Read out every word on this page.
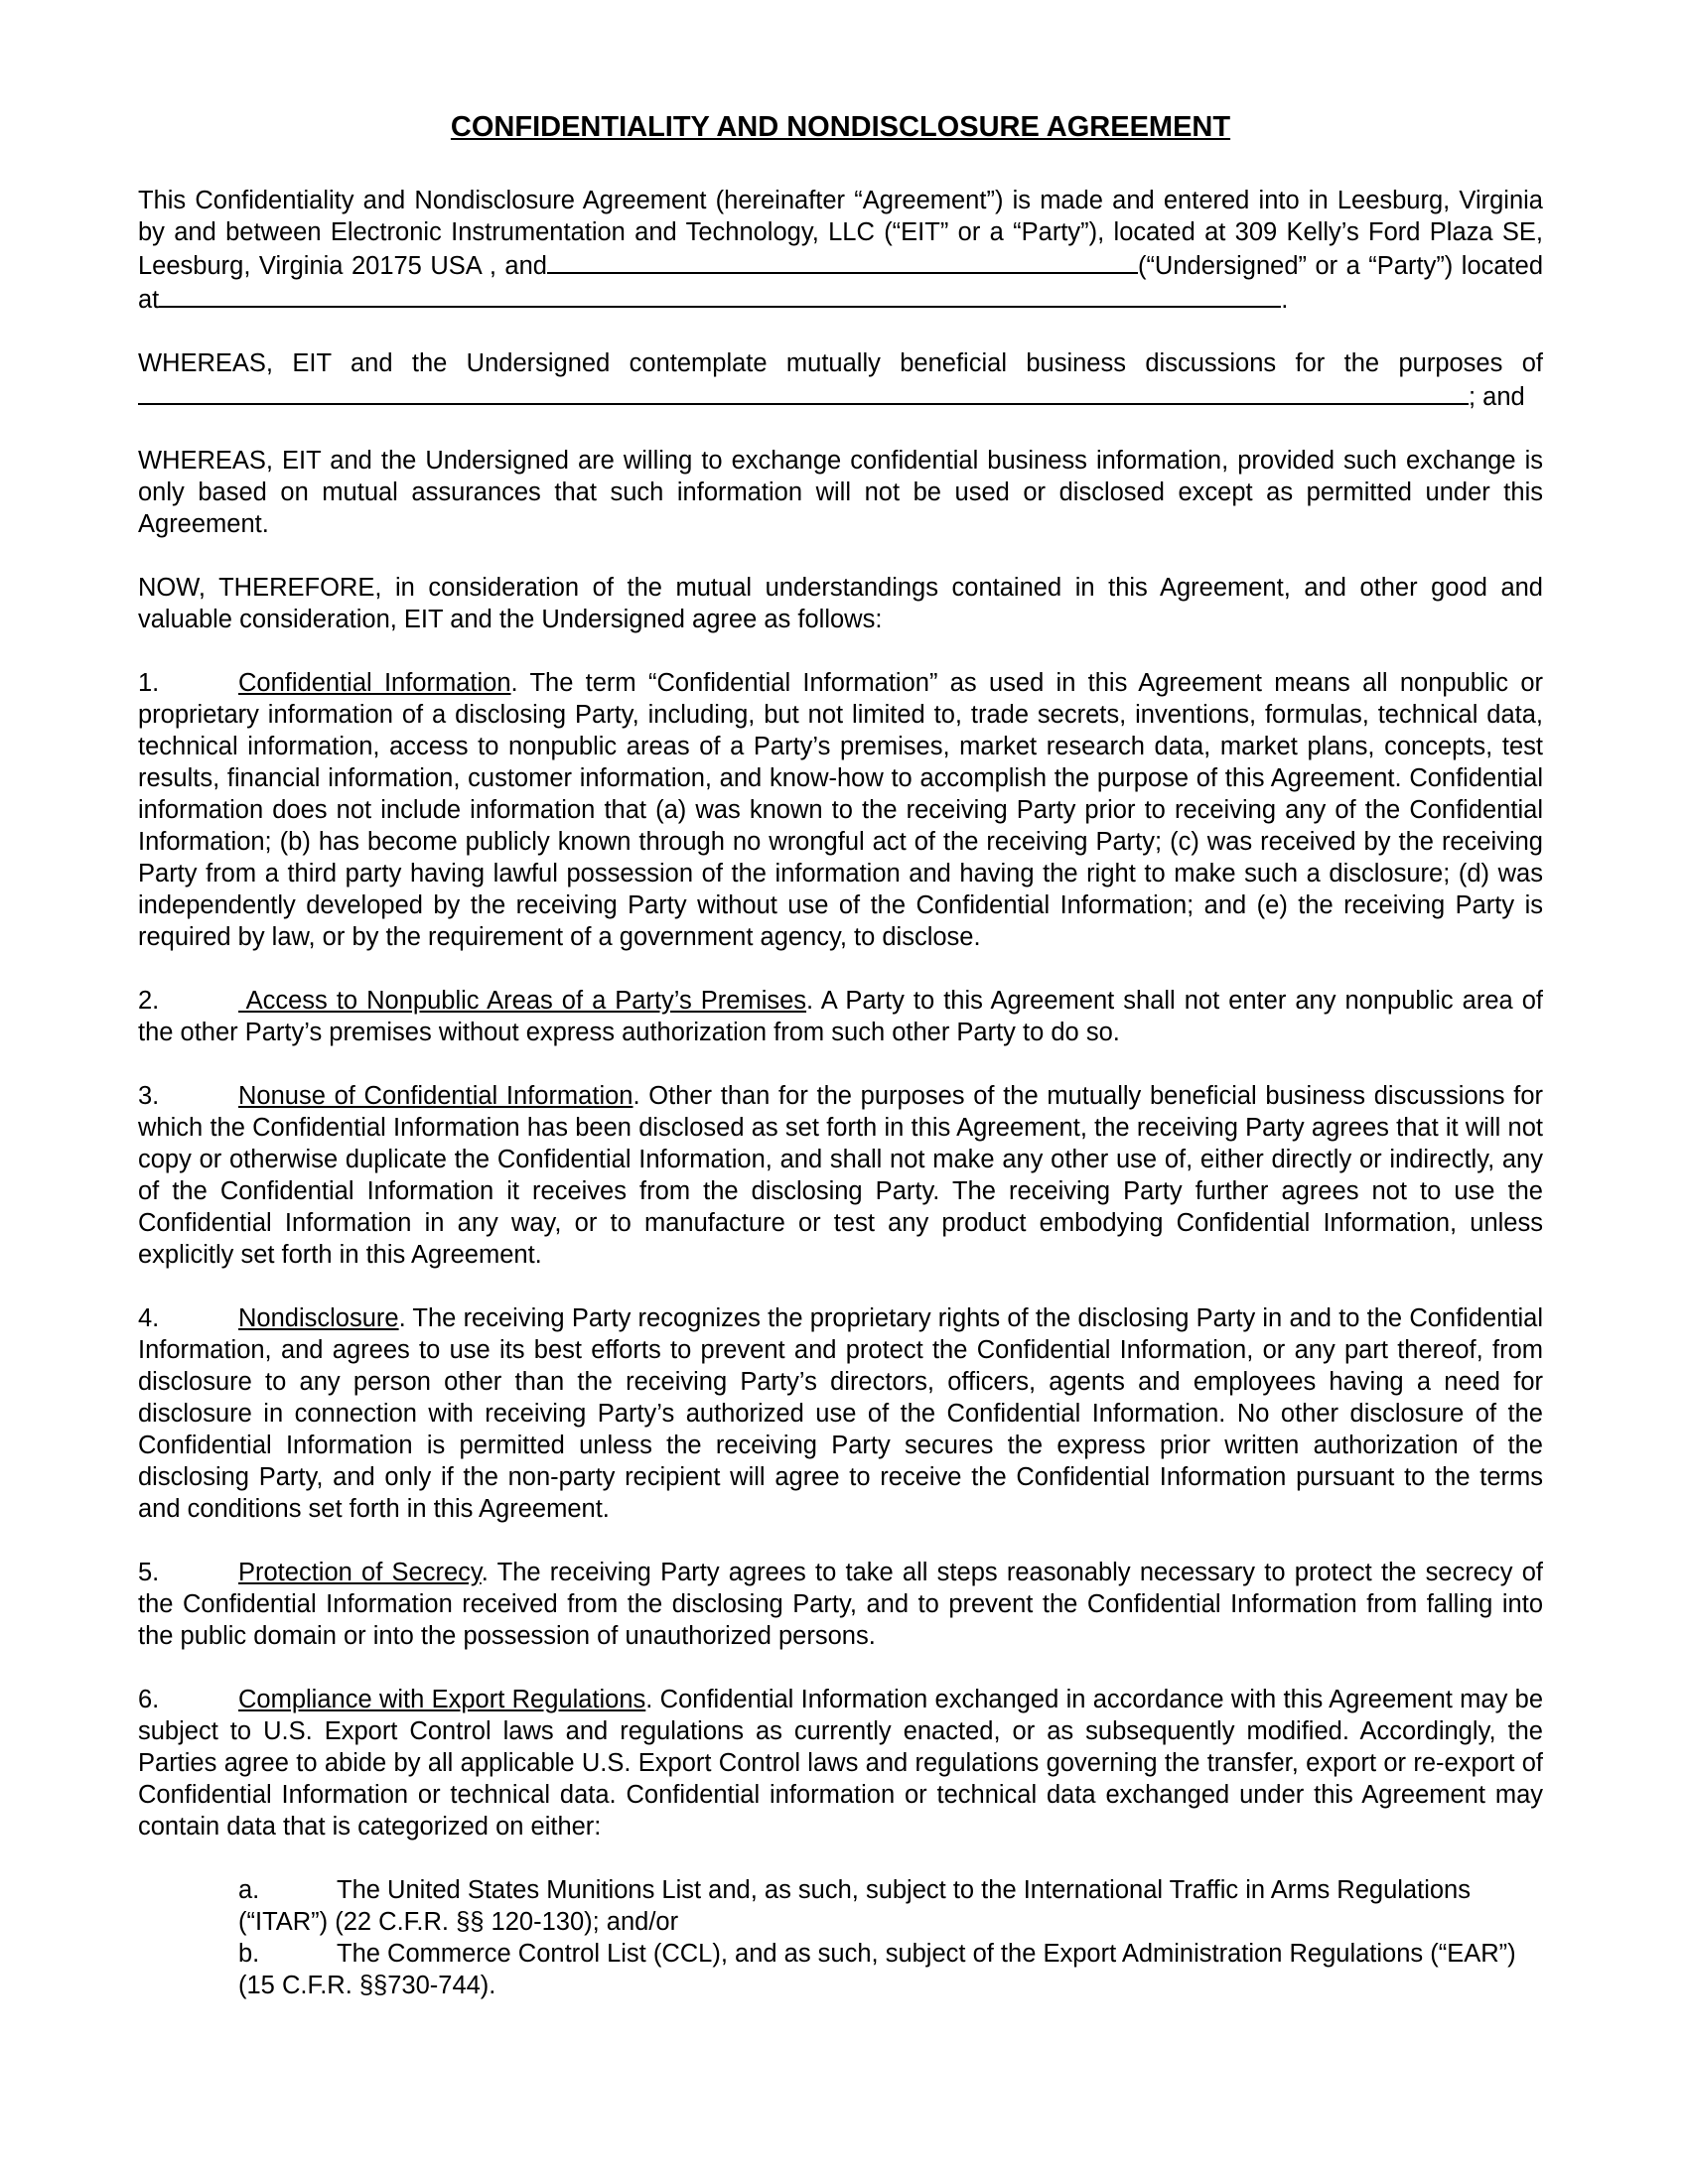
CONFIDENTIALITY AND NONDISCLOSURE AGREEMENT

This Confidentiality and Nondisclosure Agreement (hereinafter “Agreement”) is made and entered into in Leesburg, Virginia by and between Electronic Instrumentation and Technology, LLC (“EIT” or a “Party”), located at 309 Kelly’s Ford Plaza SE, Leesburg, Virginia 20175 USA , and	(“Undersigned” or a “Party”) located at	.

WHEREAS, EIT and the Undersigned contemplate mutually beneficial business discussions for the purposes of ; and

WHEREAS, EIT and the Undersigned are willing to exchange confidential business information, provided such exchange is only based on mutual assurances that such information will not be used or disclosed except as permitted under this Agreement.

NOW, THEREFORE, in consideration of the mutual understandings contained in this Agreement, and other good and valuable consideration, EIT and the Undersigned agree as follows:

1.	Confidential Information. The term “Confidential Information” as used in this Agreement means all nonpublic or proprietary information of a disclosing Party, including, but not limited to, trade secrets, inventions, formulas, technical data, technical information, access to nonpublic areas of a Party’s premises, market research data, market plans, concepts, test results, financial information, customer information, and know-how to accomplish the purpose of this Agreement. Confidential information does not include information that (a) was known to the receiving Party prior to receiving any of the Confidential Information; (b) has become publicly known through no wrongful act of the receiving Party; (c) was received by the receiving Party from a third party having lawful possession of the information and having the right to make such a disclosure; (d) was independently developed by the receiving Party without use of the Confidential Information; and (e) the receiving Party is required by law, or by the requirement of a government agency, to disclose.

2.	Access to Nonpublic Areas of a Party’s Premises. A Party to this Agreement shall not enter any nonpublic area of the other Party’s premises without express authorization from such other Party to do so.

3.	Nonuse of Confidential Information. Other than for the purposes of the mutually beneficial business discussions for which the Confidential Information has been disclosed as set forth in this Agreement, the receiving Party agrees that it will not copy or otherwise duplicate the Confidential Information, and shall not make any other use of, either directly or indirectly, any of the Confidential Information it receives from the disclosing Party. The receiving Party further agrees not to use the Confidential Information in any way, or to manufacture or test any product embodying Confidential Information, unless explicitly set forth in this Agreement.

4.	Nondisclosure. The receiving Party recognizes the proprietary rights of the disclosing Party in and to the Confidential Information, and agrees to use its best efforts to prevent and protect the Confidential Information, or any part thereof, from disclosure to any person other than the receiving Party’s directors, officers, agents and employees having a need for disclosure in connection with receiving Party’s authorized use of the Confidential Information. No other disclosure of the Confidential Information is permitted unless the receiving Party secures the express prior written authorization of the disclosing Party, and only if the non-party recipient will agree to receive the Confidential Information pursuant to the terms and conditions set forth in this Agreement.

5.	Protection of Secrecy. The receiving Party agrees to take all steps reasonably necessary to protect the secrecy of the Confidential Information received from the disclosing Party, and to prevent the Confidential Information from falling into the public domain or into the possession of unauthorized persons.

6.	Compliance with Export Regulations. Confidential Information exchanged in accordance with this Agreement may be subject to U.S. Export Control laws and regulations as currently enacted, or as subsequently modified. Accordingly, the Parties agree to abide by all applicable U.S. Export Control laws and regulations governing the transfer, export or re-export of Confidential Information or technical data. Confidential information or technical data exchanged under this Agreement may contain data that is categorized on either:

a.	The United States Munitions List and, as such, subject to the International Traffic in Arms Regulations (“ITAR”) (22 C.F.R. §§ 120-130); and/or
b.	The Commerce Control List (CCL), and as such, subject of the Export Administration Regulations (“EAR”) (15 C.F.R. §§730-744).
